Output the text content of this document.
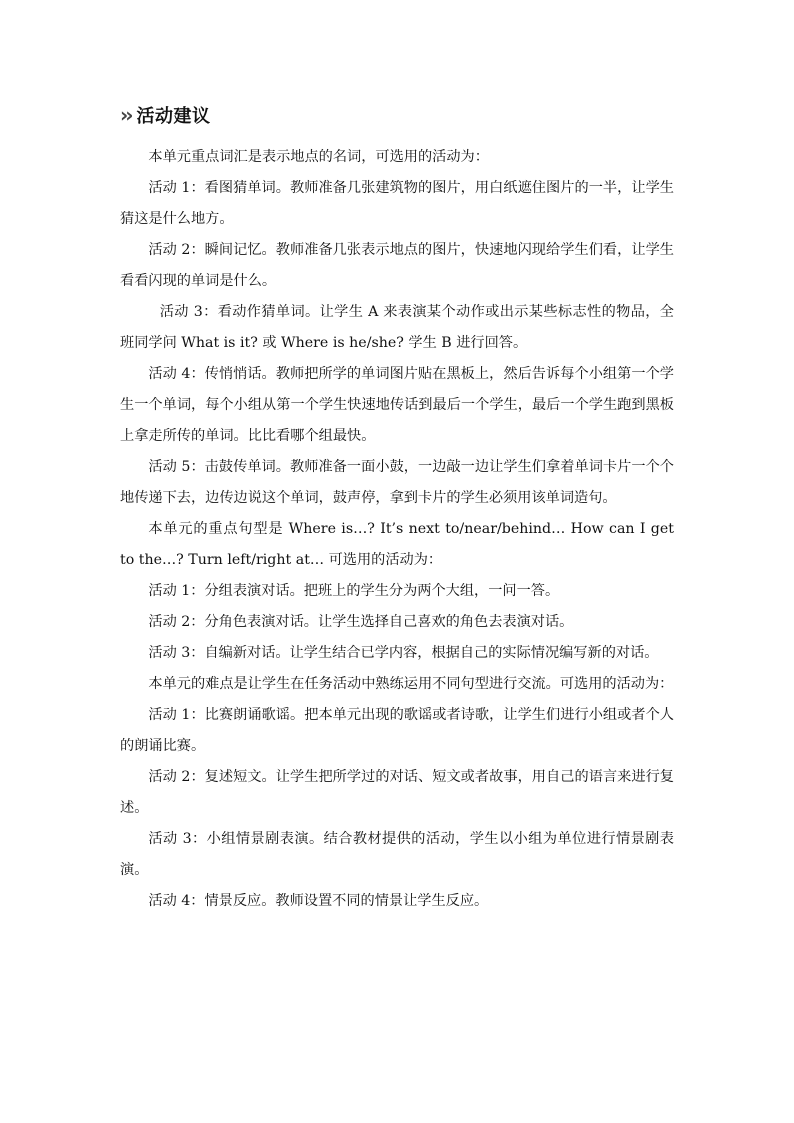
›› 活动建议

本单元重点词汇是表示地点的名词，可选用的活动为：

活动 1：看图猜单词。教师准备几张建筑物的图片，用白纸遮住图片的一半，让学生猜这是什么地方。

活动 2：瞬间记忆。教师准备几张表示地点的图片，快速地闪现给学生们看，让学生看看闪现的单词是什么。

活动 3：看动作猜单词。让学生 A 来表演某个动作或出示某些标志性的物品，全班同学问 What is it? 或 Where is he/she? 学生 B 进行回答。

活动 4：传悄悄话。教师把所学的单词图片贴在黑板上，然后告诉每个小组第一个学生一个单词，每个小组从第一个学生快速地传话到最后一个学生，最后一个学生跑到黑板上拿走所传的单词。比比看哪个组最快。

活动 5：击鼓传单词。教师准备一面小鼓，一边敲一边让学生们拿着单词卡片一个个地传递下去，边传边说这个单词，鼓声停，拿到卡片的学生必须用该单词造句。

本单元的重点句型是 Where is…? It’s next to/near/behind… How can I get to the…? Turn left/right at… 可选用的活动为：

活动 1：分组表演对话。把班上的学生分为两个大组，一问一答。

活动 2：分角色表演对话。让学生选择自己喜欢的角色去表演对话。

活动 3：自编新对话。让学生结合已学内容，根据自己的实际情况编写新的对话。

本单元的难点是让学生在任务活动中熟练运用不同句型进行交流。可选用的活动为：

活动 1：比赛朗诵歌谣。把本单元出现的歌谣或者诗歌，让学生们进行小组或者个人的朗诵比赛。

活动 2：复述短文。让学生把所学过的对话、短文或者故事，用自己的语言来进行复述。

活动 3：小组情景剧表演。结合教材提供的活动，学生以小组为单位进行情景剧表演。

活动 4：情景反应。教师设置不同的情景让学生反应。
